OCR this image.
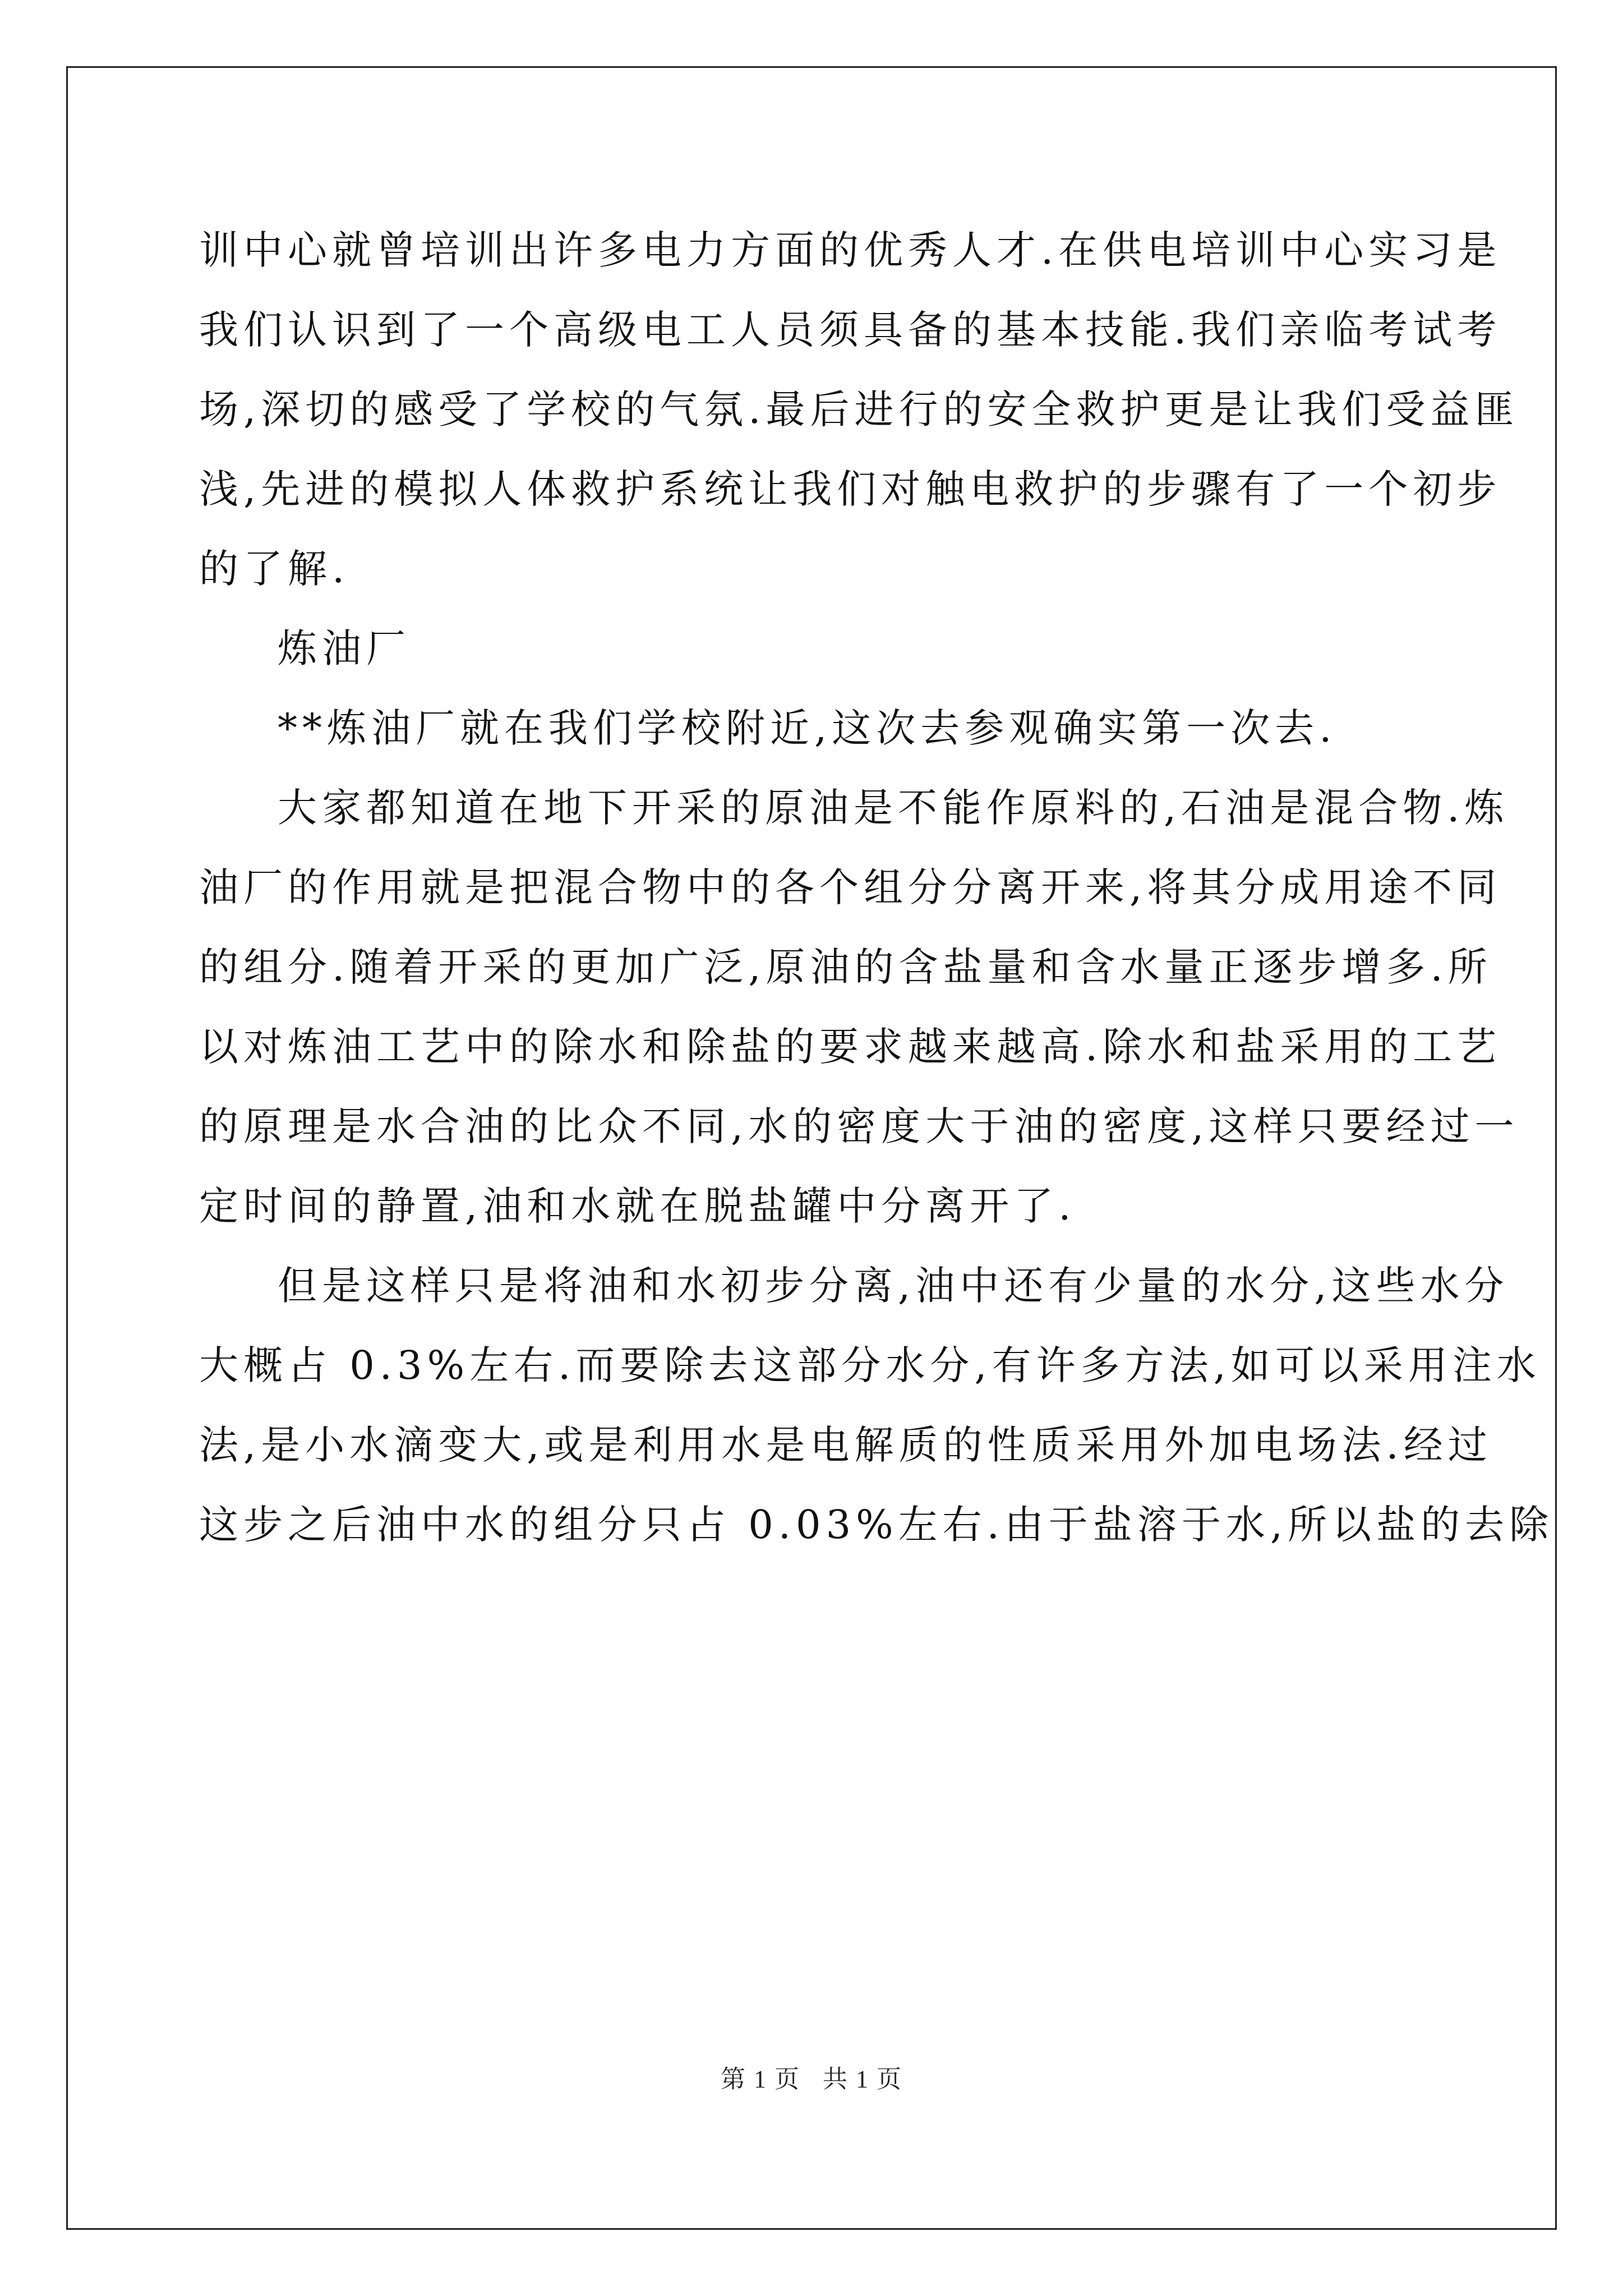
训中心就曾培训出许多电力方面的优秀人才.在供电培训中心实习是
我们认识到了一个高级电工人员须具备的基本技能.我们亲临考试考
场,深切的感受了学校的气氛.最后进行的安全救护更是让我们受益匪
浅,先进的模拟人体救护系统让我们对触电救护的步骤有了一个初步
的了解.
炼油厂
**炼油厂就在我们学校附近,这次去参观确实第一次去.
大家都知道在地下开采的原油是不能作原料的,石油是混合物.炼
油厂的作用就是把混合物中的各个组分分离开来,将其分成用途不同
的组分.随着开采的更加广泛,原油的含盐量和含水量正逐步增多.所
以对炼油工艺中的除水和除盐的要求越来越高.除水和盐采用的工艺
的原理是水合油的比众不同,水的密度大于油的密度,这样只要经过一
定时间的静置,油和水就在脱盐罐中分离开了.
但是这样只是将油和水初步分离,油中还有少量的水分,这些水分
大概占 0.3%左右.而要除去这部分水分,有许多方法,如可以采用注水
法,是小水滴变大,或是利用水是电解质的性质采用外加电场法.经过
这步之后油中水的组分只占 0.03%左右.由于盐溶于水,所以盐的去除
第 1 页 共 1 页
